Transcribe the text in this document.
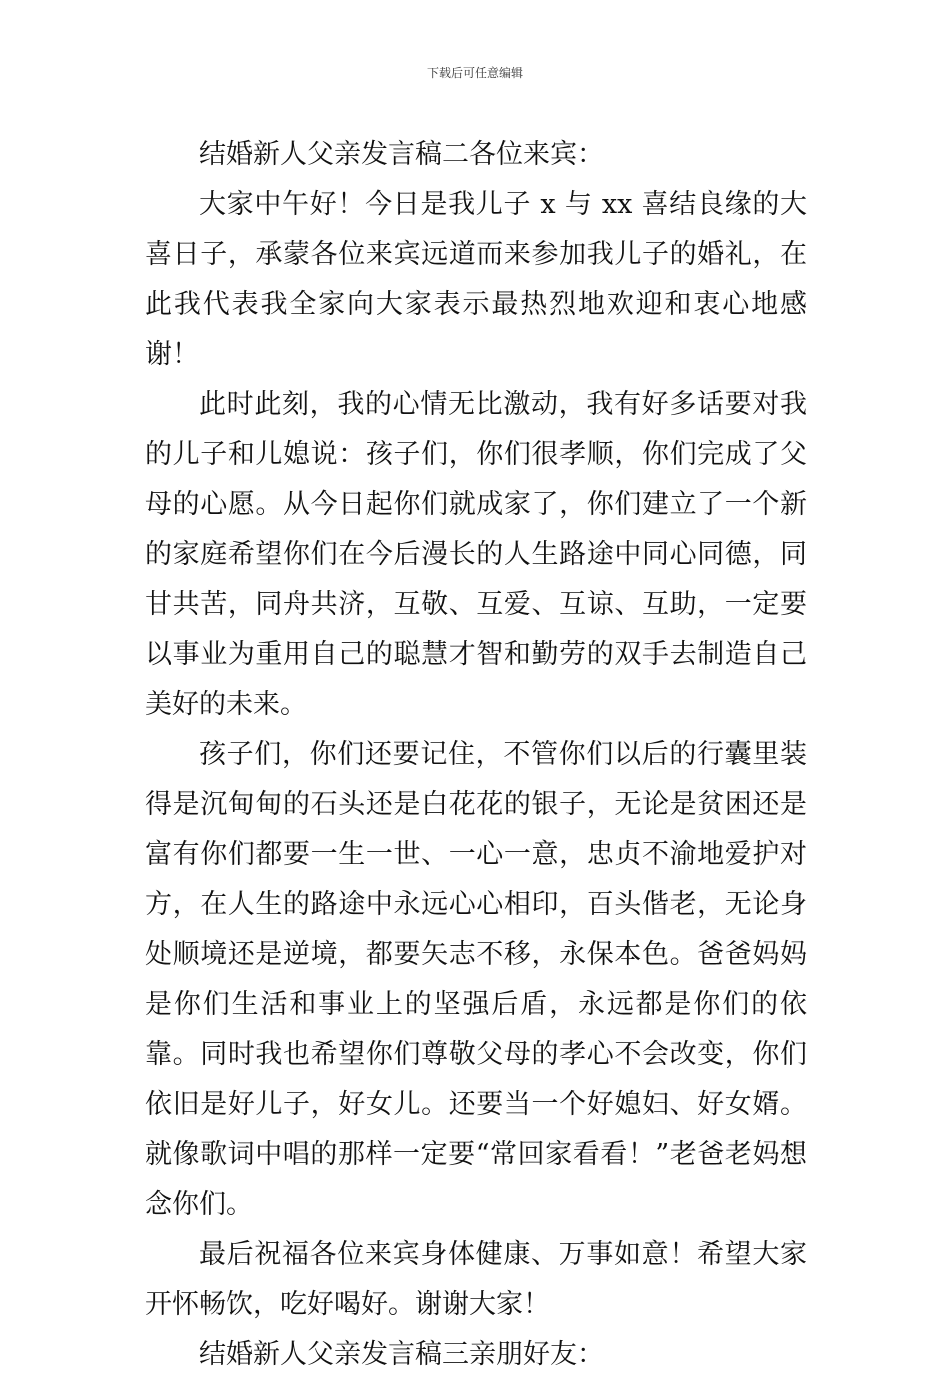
下载后可任意编辑

结婚新人父亲发言稿二各位来宾：

大家中午好！今日是我儿子 x 与 xx 喜结良缘的大喜日子，承蒙各位来宾远道而来参加我儿子的婚礼，在此我代表我全家向大家表示最热烈地欢迎和衷心地感谢！

此时此刻，我的心情无比激动，我有好多话要对我的儿子和儿媳说：孩子们，你们很孝顺，你们完成了父母的心愿。从今日起你们就成家了，你们建立了一个新的家庭希望你们在今后漫长的人生路途中同心同德，同甘共苦，同舟共济，互敬、互爱、互谅、互助，一定要以事业为重用自己的聪慧才智和勤劳的双手去制造自己美好的未来。

孩子们，你们还要记住，不管你们以后的行囊里装得是沉甸甸的石头还是白花花的银子，无论是贫困还是富有你们都要一生一世、一心一意，忠贞不渝地爱护对方，在人生的路途中永远心心相印，百头偕老，无论身处顺境还是逆境，都要矢志不移，永保本色。爸爸妈妈是你们生活和事业上的坚强后盾，永远都是你们的依靠。同时我也希望你们尊敬父母的孝心不会改变，你们依旧是好儿子，好女儿。还要当一个好媳妇、好女婿。就像歌词中唱的那样一定要“常回家看看！”老爸老妈想念你们。

最后祝福各位来宾身体健康、万事如意！希望大家开怀畅饮，吃好喝好。谢谢大家！

结婚新人父亲发言稿三亲朋好友：
